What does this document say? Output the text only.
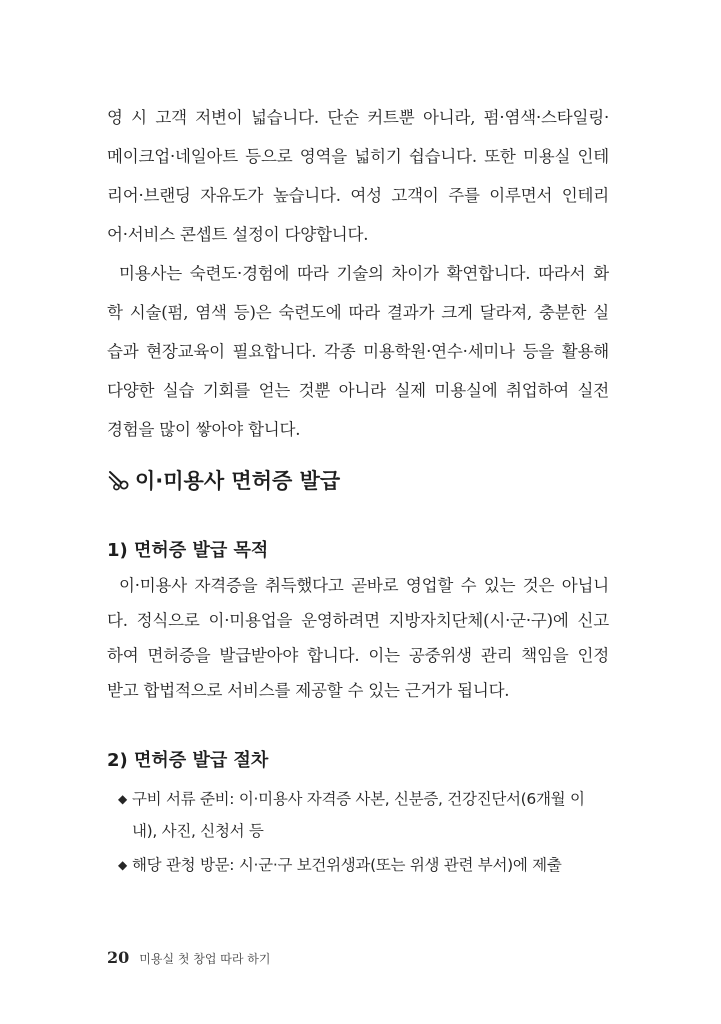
영 시 고객 저변이 넓습니다. 단순 커트뿐 아니라, 펌·염색·스타일링·
메이크업·네일아트 등으로 영역을 넓히기 쉽습니다. 또한 미용실 인테
리어·브랜딩 자유도가 높습니다. 여성 고객이 주를 이루면서 인테리
어·서비스 콘셉트 설정이 다양합니다.
미용사는 숙련도·경험에 따라 기술의 차이가 확연합니다. 따라서 화
학 시술(펌, 염색 등)은 숙련도에 따라 결과가 크게 달라져, 충분한 실
습과 현장교육이 필요합니다. 각종 미용학원·연수·세미나 등을 활용해
다양한 실습 기회를 얻는 것뿐 아니라 실제 미용실에 취업하여 실전
경험을 많이 쌓아야 합니다.
이·미용사 면허증 발급
1) 면허증 발급 목적
이·미용사 자격증을 취득했다고 곧바로 영업할 수 있는 것은 아닙니
다. 정식으로 이·미용업을 운영하려면 지방자치단체(시·군·구)에 신고
하여 면허증을 발급받아야 합니다. 이는 공중위생 관리 책임을 인정
받고 합법적으로 서비스를 제공할 수 있는 근거가 됩니다.
2) 면허증 발급 절차
◆ 구비 서류 준비: 이·미용사 자격증 사본, 신분증, 건강진단서(6개월 이
내), 사진, 신청서 등
◆ 해당 관청 방문: 시·군·구 보건위생과(또는 위생 관련 부서)에 제출
20 미용실 첫 창업 따라 하기
